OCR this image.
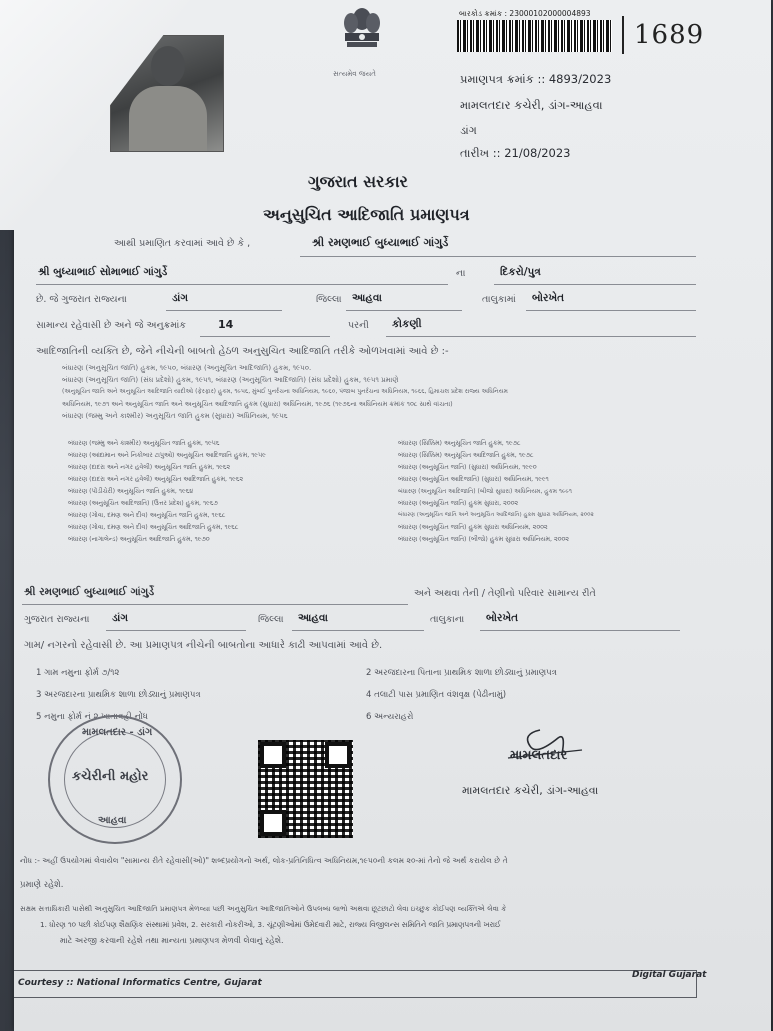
સત્યમેવ જયતે
બારકોડ ક્રમાંક : 23000102000004893
1689
પ્રમાણપત્ર ક્રમાંક :: 4893/2023
મામલતદાર કચેરી, ડાંગ-આહવા
ડાંગ
તારીખ :: 21/08/2023
ગુજરાત સરકાર
અનુસુચિત આદિજાતિ પ્રમાણપત્ર
આથી પ્રમાણિત કરવામાં આવે છે કે ,	શ્રી રમણભાઈ બુધ્યાભાઈ ગાંગુર્ડે
શ્રી બુધ્યાભાઈ સોમાભાઈ ગાંગુર્ડે	ના	દિકરો/પુત્ર
છે. જે ગુજરાત રાજ્યના	ડાંગ	જિલ્લા આહવા	તાલુકામાં બોરખેત
સામાન્ય રહેવાસી છે અને જે અનુક્રમાંક	14	પરની કોકણી
આદિજાતિની વ્યક્તિ છે, જેને નીચેની બાબતો હેઠળ અનુસુચિત આદિજાતિ તરીકે ઓળખવામાં આવે છે :-
બંધારણ (અનુસૂચિત જાતિ) હુકમ, ૧૯૫૦, બંધારણ (અનુસૂચિત આદિજાતિ) હુકમ, ૧૯૫૦.
બંધારણ (અનુસૂચિત જાતિ) (સંઘ પ્રદેશો) હુકમ, ૧૯૫૧, બંધારણ (અનુસૂચિત આદિજાતિ) (સંઘ પ્રદેશો) હુકમ, ૧૯૫૧ પ્રમાણે
(અનુસૂચિત જાતિ અને અનુસૂચિત આદિજાતિ યાદીઓ (ફેરફાર) હુકમ, ૧૯૫૬, મુંબઈ પુનર્રચના અધિનિયમ, ૧૯૬૦, પંજાબ પુનર્રચના અધિનિયમ, ૧૯૬૬, હિમાચલ પ્રદેશ રાજ્ય અધિનિયમ
અધિનિયમ, ૧૯૭૧ અને અનુસૂચિત જાતિ અને અનુસૂચિત આદિજાતિ હુકમ (સુધારા) અધિનિયમ, ૧૯૭૬ (૧૯૭૬ના અધિનિયમ ક્રમાંક ૧૦૮ સાથે વાંચતા)
બંધારણ (જમ્મુ અને કાશ્મીર) અનુસૂચિત જાતિ હુકમ (સુધારા) અધિનિયમ, ૧૯૫૬
બંધારણ (જમ્મુ અને કાશ્મીર) અનુસૂચિત જાતિ હુકમ, ૧૯૫૬
બંધારણ (આંદામાન અને નિકોબાર ટાપુઓ) અનુસૂચિત આદિજાતિ હુકમ, ૧૯૫૯
બંધારણ (દાદરા અને નગર હવેલી) અનુસૂચિત જાતિ હુકમ, ૧૯૬૨
બંધારણ (દાદરા અને નગર હવેલી) અનુસૂચિત આદિજાતિ હુકમ, ૧૯૬૨
બંધારણ (પોંડીચેરી) અનુસૂચિત જાતિ હુકમ, ૧૯૬૪
બંધારણ (અનુસૂચિત આદિજાતિ) (ઉત્તર પ્રદેશ) હુકમ, ૧૯૬૭
બંધારણ (ગોવા, દમણ અને દીવ) અનુસૂચિત જાતિ હુકમ, ૧૯૬૮
બંધારણ (ગોવા, દમણ અને દીવ) અનુસૂચિત આદિજાતિ હુકમ, ૧૯૬૮
બંધારણ (નાગાલેન્ડ) અનુસૂચિત આદિજાતિ હુકમ, ૧૯૭૦
બંધારણ (સિક્કિમ) અનુસૂચિત જાતિ હુકમ, ૧૯૭૮
બંધારણ (સિક્કિમ) અનુસૂચિત આદિજાતિ હુકમ, ૧૯૭૮
બંધારણ (અનુસૂચિત જાતિ) (સુધારા) અધિનિયમ, ૧૯૯૦
બંધારણ (અનુસૂચિત આદિજાતિ) (સુધારા) અધિનિયમ, ૧૯૯૧
બંધારણ (અનુસૂચિત આદિજાતિ) (બીજો સુધારા) અધિનિયમ, હુકમ ૧૯૯૧
બંધારણ (અનુસૂચિત જાતિ) હુકમ સુધારા, ૨૦૦૨
બંધારણ (અનુસૂચિત જાતિ અને અનુસૂચિત આદિજાતિ) હુકમ સુધારા અધિનિયમ, ૨૦૦૨
બંધારણ (અનુસૂચિત જાતિ) હુકમ સુધારા અધિનિયમ, ૨૦૦૨
બંધારણ (અનુસૂચિત જાતિ) (બીજો) હુકમ સુધારા અધિનિયમ, ૨૦૦૨
શ્રી રમણભાઈ બુધ્યાભાઈ ગાંગુર્ડે	અને અથવા તેની / તેણીનો પરિવાર સામાન્ય રીતે
ગુજરાત રાજ્યના ડાંગ	જિલ્લા આહવા	તાલુકાના બોરખેત
ગામ/ નગરનો રહેવાસી છે. આ પ્રમાણપત્ર નીચેની બાબતોના આધારે કાઢી આપવામાં આવે છે.
1 ગામ નમુના ફોર્મ ૭/૧૨	2 અરજદારના પિતાના પ્રાથમિક શાળા છોડ્યાનું પ્રમાણપત્ર
3 અરજદારના પ્રાથમિક શાળા છોડ્યાનું પ્રમાણપત્ર	4 તલાટી પાસ પ્રમાણિત વંશવૃક્ષ (પેઢીનામું)
5 નમુના ફોર્મ નં ૨ ખાતાવહી નોંધ	6 અન્યરાહરો
મામલતદાર - ડાંગ
કચેરીની મહોર
આહવા
મામલતદાર
મામલતદાર કચેરી, ડાંગ-આહવા
નોંધ :- અહીં ઉપયોગમાં લેવાયેલ "સામાન્ય રીતે રહેવાસી(ઓ)" શબ્દપ્રયોગનો અર્થ, લોક-પ્રતિનિધિત્વ અધિનિયમ,૧૯૫૦ની કલમ ૨૦-માં તેનો જે અર્થ કરાયેલ છે તે
પ્રમાણે રહેશે.
સક્ષમ સત્તાધિકારી પાસેથી અનુસુચિત આદિજાતિ પ્રમાણપત્ર મેળવ્યા પછી અનુસુચિત આદિજાતિઓને ઉપલબ્ધ લાભો અથવા છૂટછાટો લેવા ઇચ્છુક કોઈપણ વ્યક્તિએ લેવા કે
1. ધોરણ ૧૦ પછી કોઈપણ શૈક્ષણિક સંસ્થામાં પ્રવેશ, 2. સરકારી નોકરીઓ, 3. ચૂંટણીઓમાં ઉમેદવારી માટે, રાજ્ય વિજીલન્સ સમિતિને જાતિ પ્રમાણપત્રની ખરાઈ
માટે અરજી કરવાની રહેશે તથા માન્યતા પ્રમાણપત્ર મેળવી લેવાનું રહેશે.
Courtesy :: National Informatics Centre, Gujarat
Digital Gujarat
